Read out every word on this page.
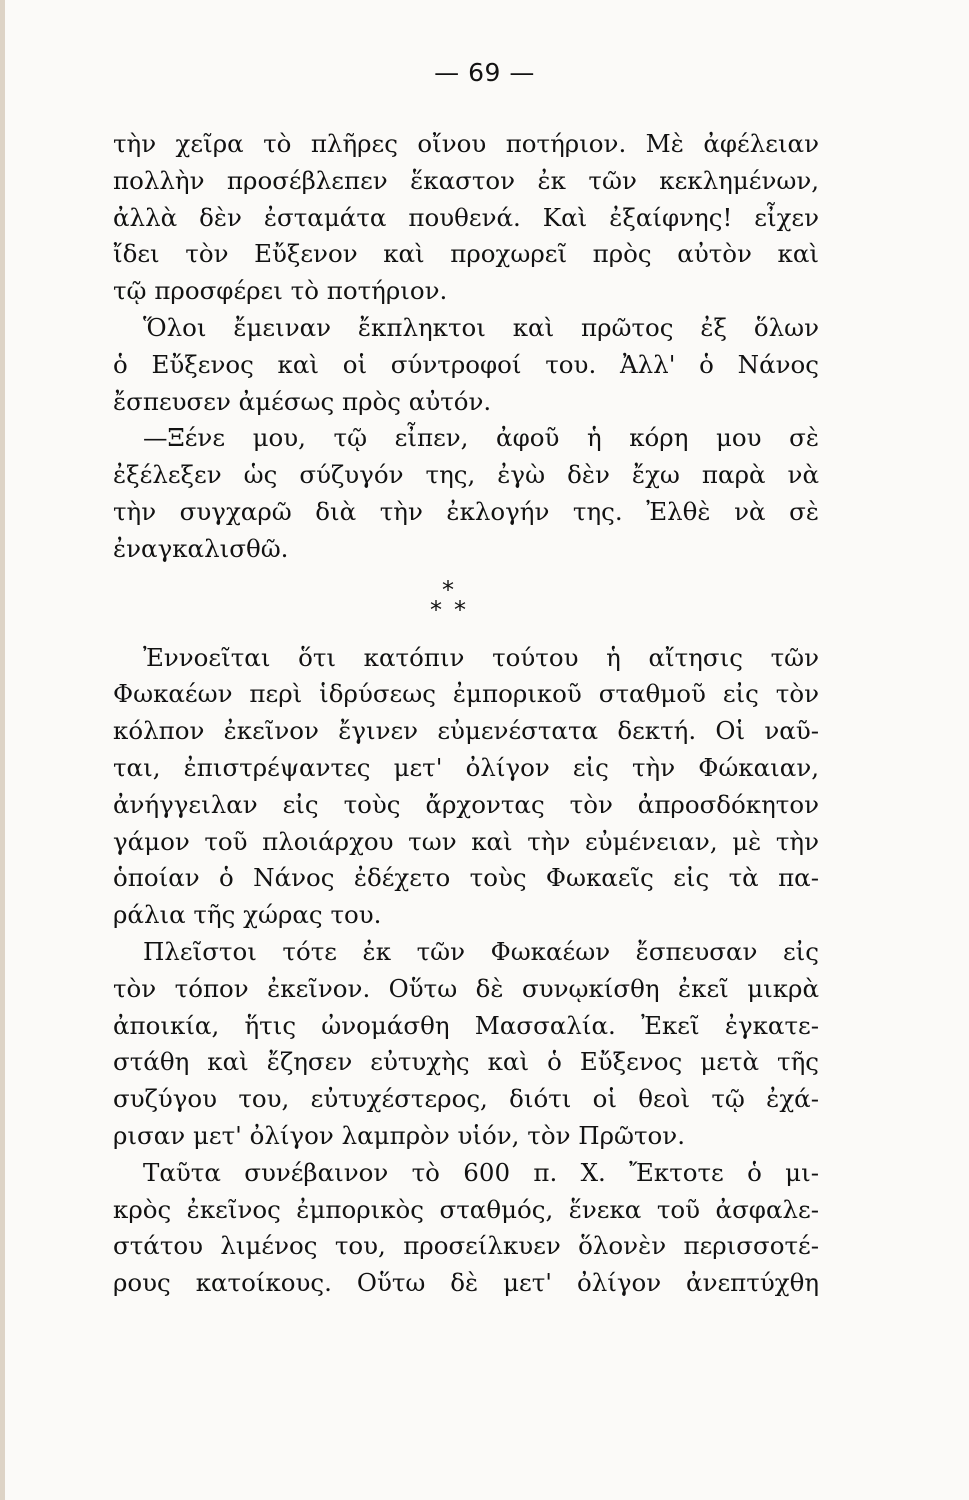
— 69 —
τὴν χεῖρα τὸ πλῆρες οἴνου ποτήριον. Μὲ ἀφέλειαν
πολλὴν προσέβλεπεν ἕκαστον ἐκ τῶν κεκλημένων,
ἀλλὰ δὲν ἐσταμάτα πουθενά. Καὶ ἐξαίφνης! εἶχεν
ἴδει τὸν Εὔξενον καὶ προχωρεῖ πρὸς αὐτὸν καὶ
τῷ προσφέρει τὸ ποτήριον.
Ὅλοι ἔμειναν ἔκπληκτοι καὶ πρῶτος ἐξ ὅλων
ὁ Εὔξενος καὶ οἱ σύντροφοί του. Ἀλλ' ὁ Νάνος
ἔσπευσεν ἀμέσως πρὸς αὐτόν.
—Ξένε μου, τῷ εἶπεν, ἀφοῦ ἡ κόρη μου σὲ
ἐξέλεξεν ὡς σύζυγόν της, ἐγὼ δὲν ἔχω παρὰ νὰ
τὴν συγχαρῶ διὰ τὴν ἐκλογήν της. Ἐλθὲ νὰ σὲ
ἐναγκαλισθῶ.
*
* *
Ἐννοεῖται ὅτι κατόπιν τούτου ἡ αἴτησις τῶν
Φωκαέων περὶ ἱδρύσεως ἐμπορικοῦ σταθμοῦ εἰς τὸν
κόλπον ἐκεῖνον ἔγινεν εὐμενέστατα δεκτή. Οἱ ναῦ-
ται, ἐπιστρέψαντες μετ' ὀλίγον εἰς τὴν Φώκαιαν,
ἀνήγγειλαν εἰς τοὺς ἄρχοντας τὸν ἀπροσδόκητον
γάμον τοῦ πλοιάρχου των καὶ τὴν εὐμένειαν, μὲ τὴν
ὁποίαν ὁ Νάνος ἐδέχετο τοὺς Φωκαεῖς εἰς τὰ πα-
ράλια τῆς χώρας του.
Πλεῖστοι τότε ἐκ τῶν Φωκαέων ἔσπευσαν εἰς
τὸν τόπον ἐκεῖνον. Οὕτω δὲ συνῳκίσθη ἐκεῖ μικρὰ
ἀποικία, ἥτις ὠνομάσθη Μασσαλία. Ἐκεῖ ἐγκατε-
στάθη καὶ ἔζησεν εὐτυχὴς καὶ ὁ Εὔξενος μετὰ τῆς
συζύγου του, εὐτυχέστερος, διότι οἱ θεοὶ τῷ ἐχά-
ρισαν μετ' ὀλίγον λαμπρὸν υἱόν, τὸν Πρῶτον.
Ταῦτα συνέβαινον τὸ 600 π. Χ. Ἔκτοτε ὁ μι-
κρὸς ἐκεῖνος ἐμπορικὸς σταθμός, ἕνεκα τοῦ ἀσφαλε-
στάτου λιμένος του, προσείλκυεν ὅλονὲν περισσοτέ-
ρους κατοίκους. Οὕτω δὲ μετ' ὀλίγον ἀνεπτύχθη
